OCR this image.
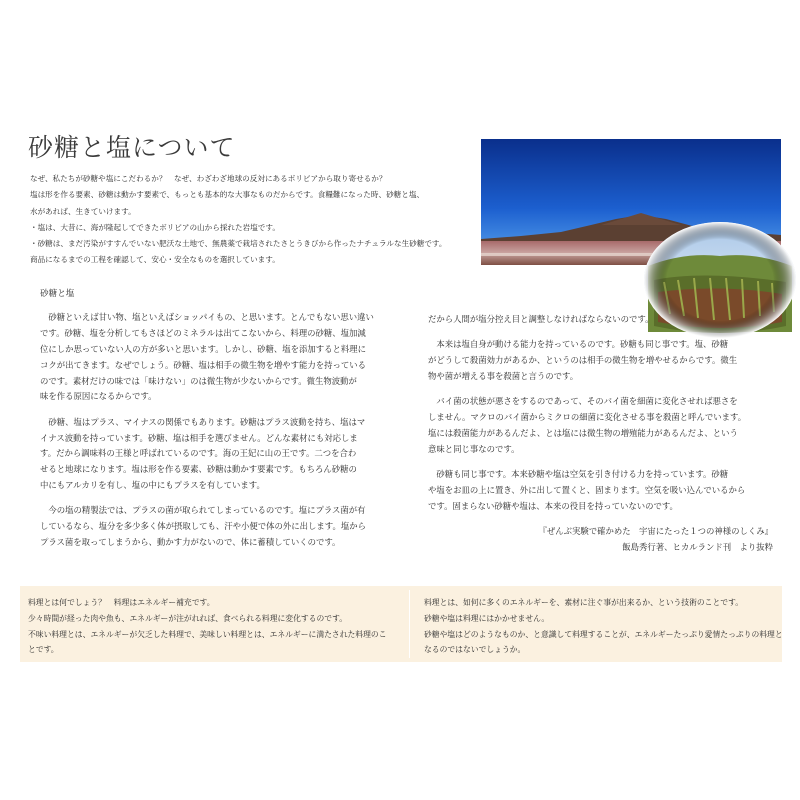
砂糖と塩について
なぜ、私たちが砂糖や塩にこだわるか？　なぜ、わざわざ地球の反対にあるボリビアから取り寄せるか？
塩は形を作る要素、砂糖は動かす要素で、もっとも基本的な大事なものだからです。食糧難になった時、砂糖と塩、
水があれば、生きていけます。
・塩は、大昔に、海が隆起してできたボリビアの山から採れた岩塩です。
・砂糖は、まだ汚染がすすんでいない肥沃な土地で、無農薬で栽培されたさとうきびから作ったナチュラルな生砂糖です。
商品になるまでの工程を確認して、安心・安全なものを選択しています。
砂糖と塩
　砂糖といえば甘い物、塩といえばショッパイもの、と思います。とんでもない思い違い
です。砂糖、塩を分析してもさほどのミネラルは出てこないから、料理の砂糖、塩加減
位にしか思っていない人の方が多いと思います。しかし、砂糖、塩を添加すると料理に
コクが出てきます。なぜでしょう。砂糖、塩は相手の微生物を増やす能力を持っている
のです。素材だけの味では「味けない」のは微生物が少ないからです。微生物波動が
味を作る原因になるからです。
　砂糖、塩はプラス、マイナスの関係でもあります。砂糖はプラス波動を持ち、塩はマ
イナス波動を持っています。砂糖、塩は相手を選びません。どんな素材にも対応しま
す。だから調味料の王様と呼ばれているのです。海の王妃に山の王です。二つを合わ
せると地球になります。塩は形を作る要素、砂糖は動かす要素です。もちろん砂糖の
中にもアルカリを有し、塩の中にもプラスを有しています。
　今の塩の精製法では、プラスの菌が取られてしまっているのです。塩にプラス菌が有
しているなら、塩分を多少多く体が摂取しても、汗や小便で体の外に出します。塩から
プラス菌を取ってしまうから、動かす力がないので、体に蓄積していくのです。
だから人間が塩分控え目と調整しなければならないのです。
　本来は塩自身が動ける能力を持っているのです。砂糖も同じ事です。塩、砂糖
がどうして殺菌効力があるか、というのは相手の微生物を増やせるからです。微生
物や菌が増える事を殺菌と言うのです。
　バイ菌の状態が悪さをするのであって、そのバイ菌を細菌に変化させれば悪さを
しません。マクロのバイ菌からミクロの細菌に変化させる事を殺菌と呼んでいます。
塩には殺菌能力があるんだよ、とは塩には微生物の増殖能力があるんだよ、という
意味と同じ事なのです。
　砂糖も同じ事です。本来砂糖や塩は空気を引き付ける力を持っています。砂糖
や塩をお皿の上に置き、外に出して置くと、固まります。空気を吸い込んでいるから
です。固まらない砂糖や塩は、本来の役目を持っていないのです。
『ぜんぶ実験で確かめた　宇宙にたった１つの神様のしくみ』
飯島秀行著、ヒカルランド刊　より抜粋
料理とは何でしょう？　料理はエネルギー補充です。
少々時間が経った肉や魚も、エネルギーが注がれれば、食べられる料理に変化するのです。
不味い料理とは、エネルギーが欠乏した料理で、美味しい料理とは、エネルギーに満たされた料理のこ
とです。
料理とは、如何に多くのエネルギーを、素材に注ぐ事が出来るか、という技術のことです。
砂糖や塩は料理にはかかせません。
砂糖や塩はどのようなものか、と意識して料理することが、エネルギーたっぷり愛情たっぷりの料理と
なるのではないでしょうか。
